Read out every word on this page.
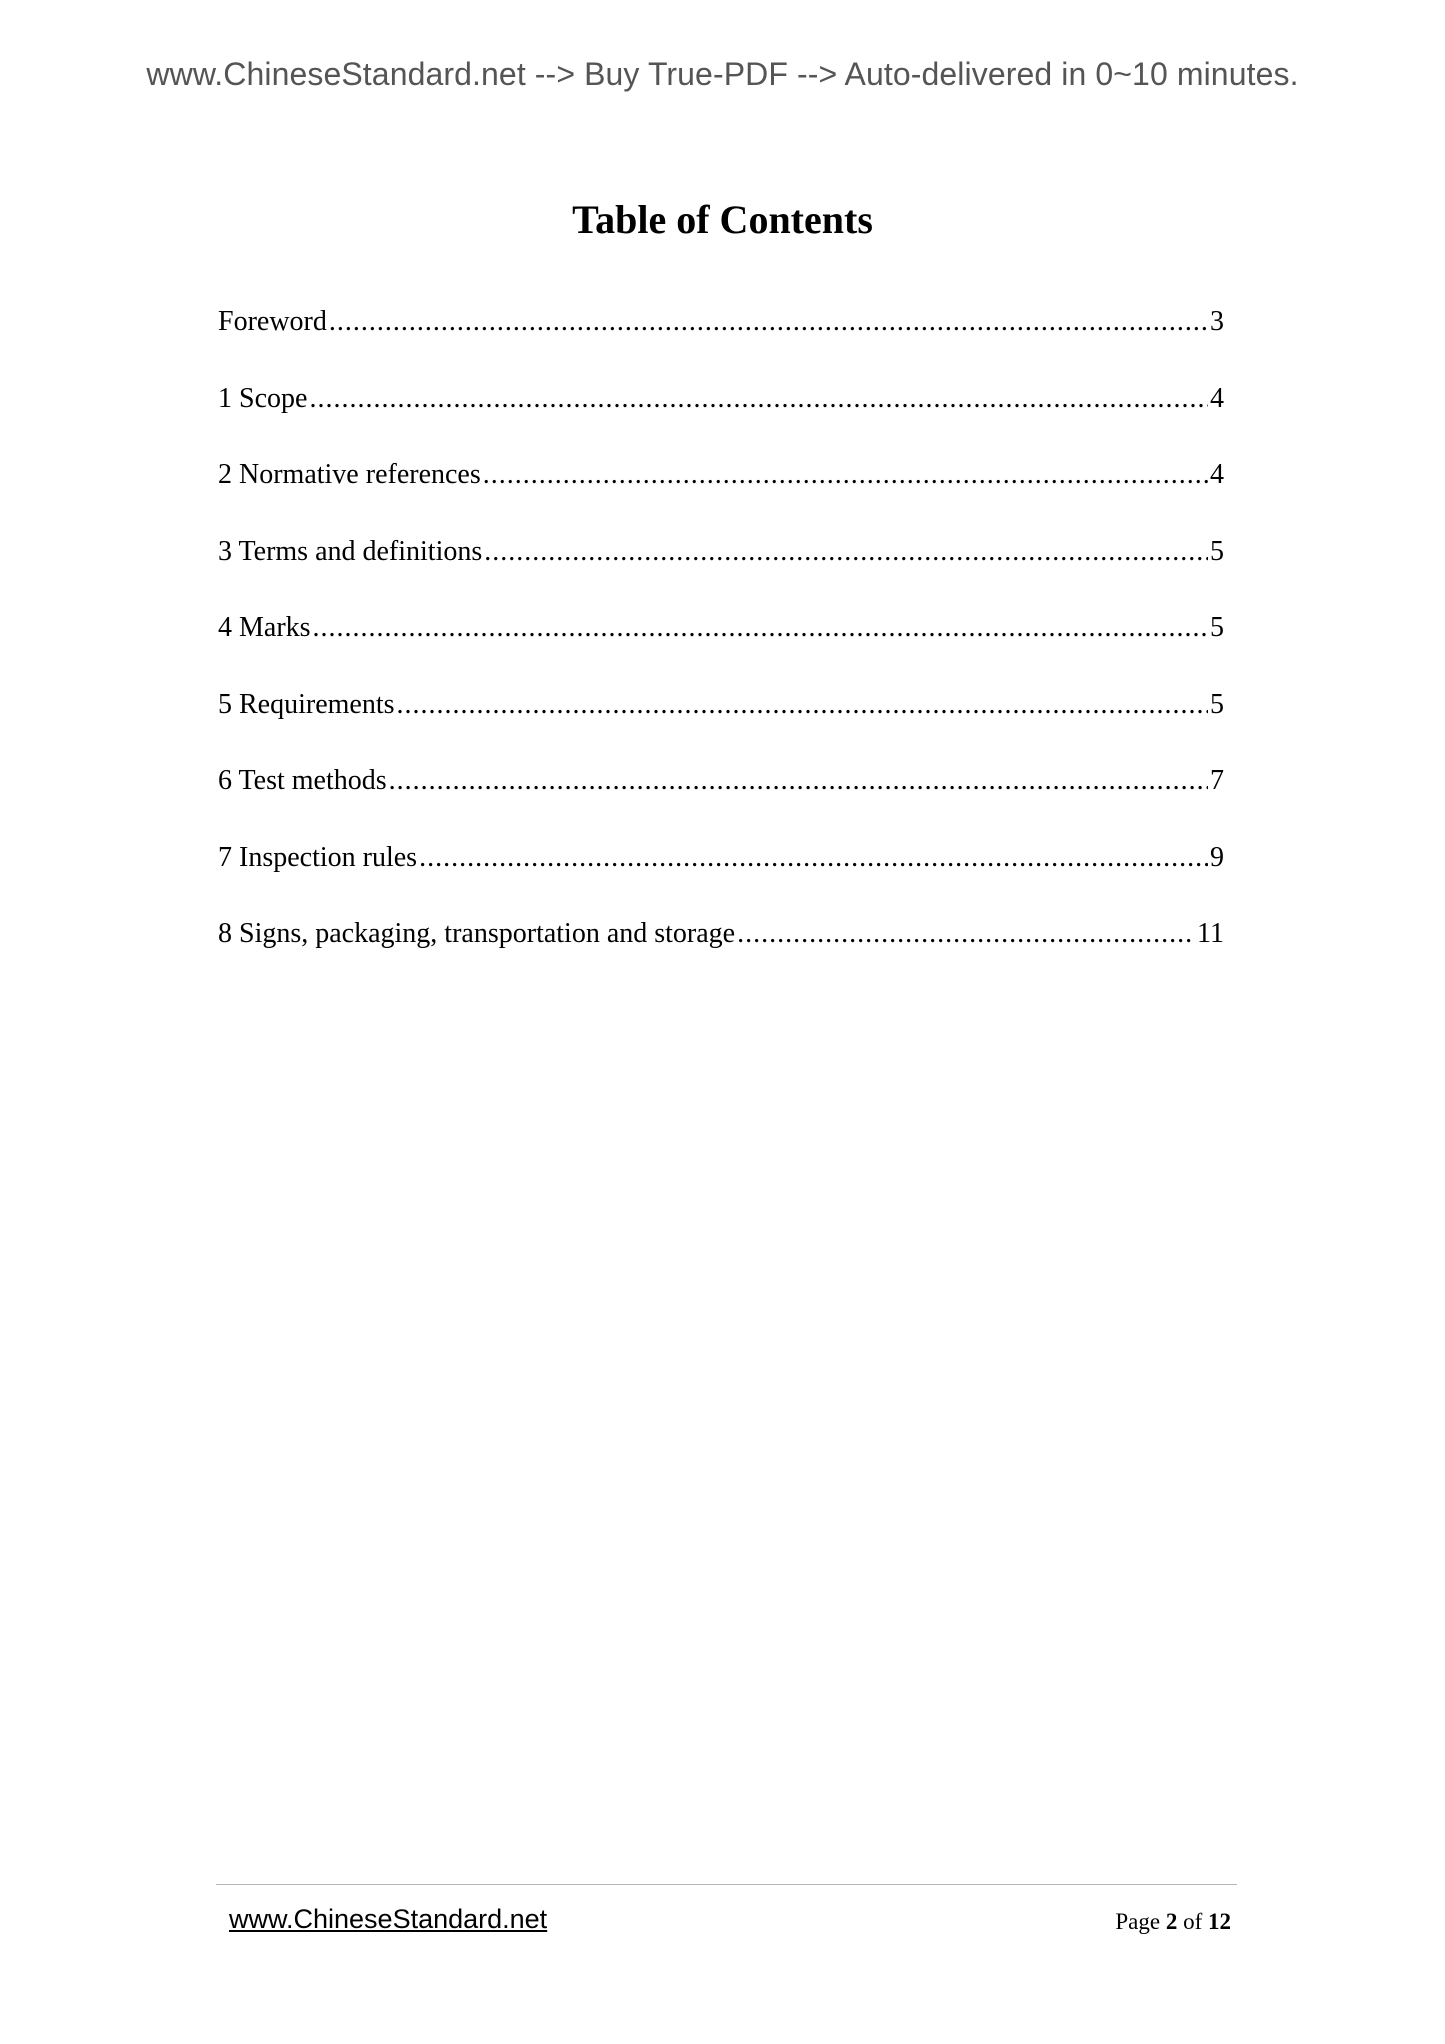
www.ChineseStandard.net --> Buy True-PDF --> Auto-delivered in 0~10 minutes.
Table of Contents
Foreword .....	3
1 Scope .....	4
2 Normative references .....	4
3 Terms and definitions .....	5
4 Marks .....	5
5 Requirements .....	5
6 Test methods .....	7
7 Inspection rules .....	9
8 Signs, packaging, transportation and storage .....	11
www.ChineseStandard.net	Page 2 of 12
